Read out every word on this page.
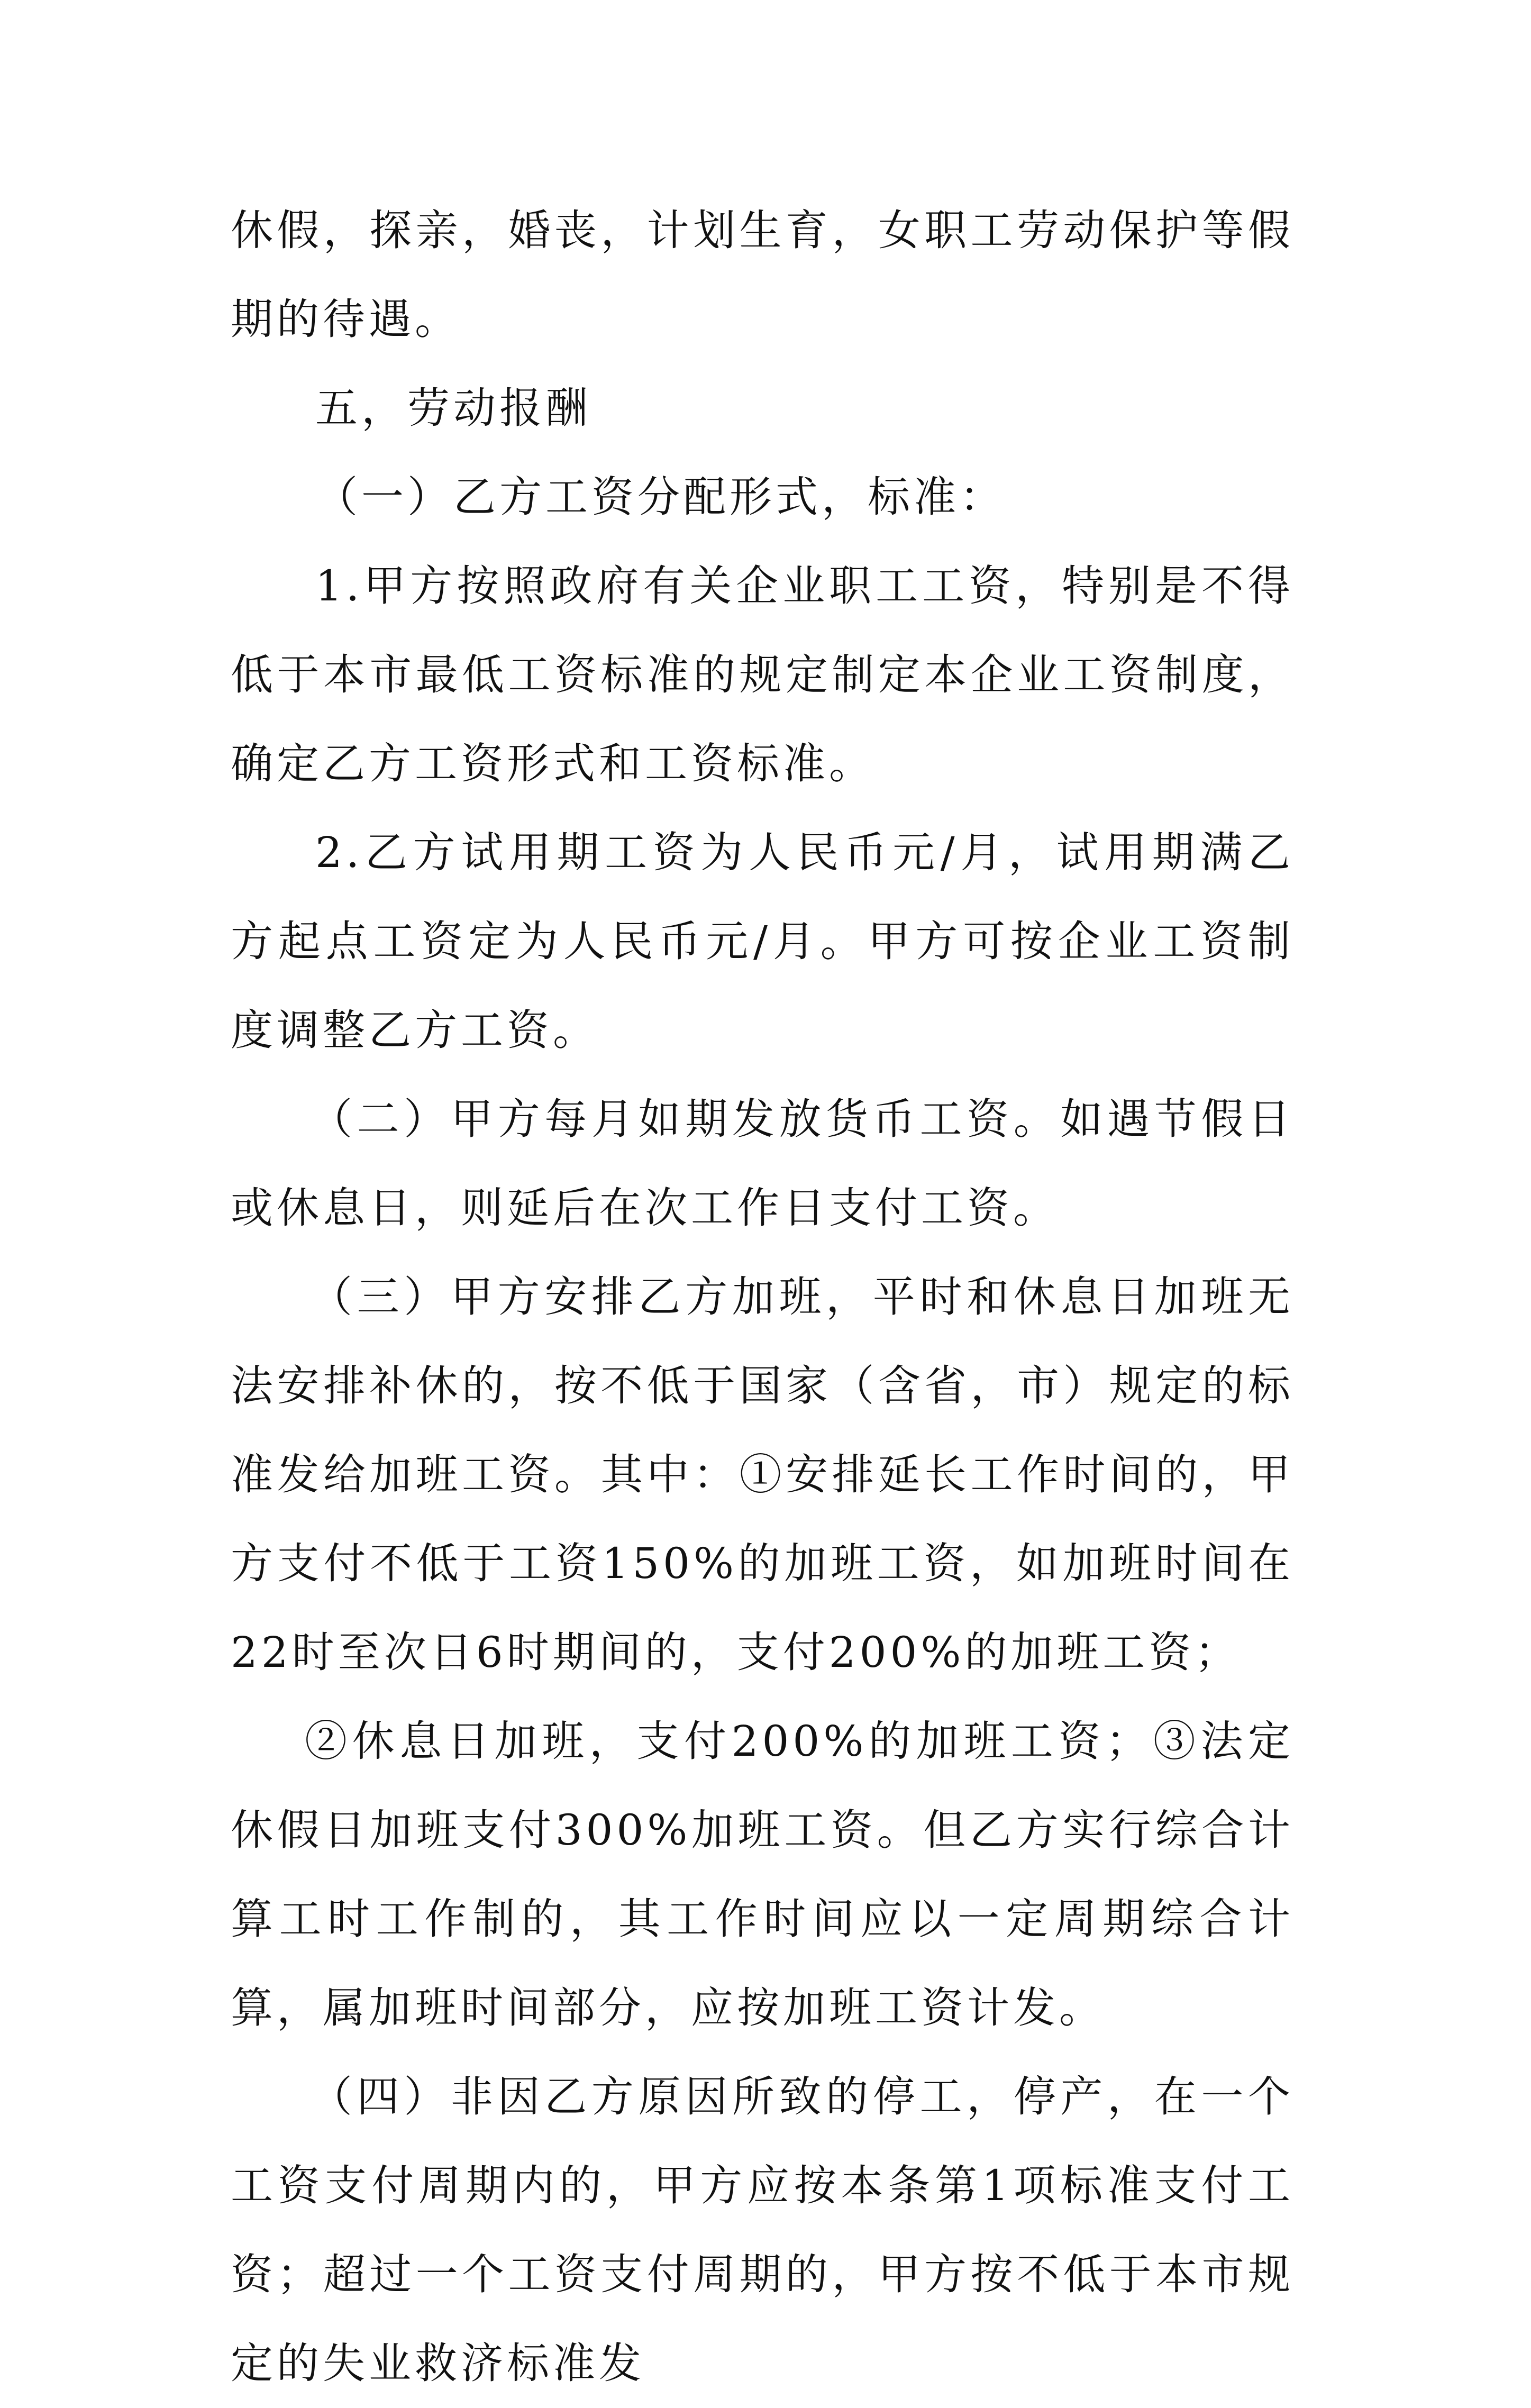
休假，探亲，婚丧，计划生育，女职工劳动保护等假期的待遇。

五，劳动报酬

（一）乙方工资分配形式，标准：

1.甲方按照政府有关企业职工工资，特别是不得低于本市最低工资标准的规定制定本企业工资制度，确定乙方工资形式和工资标准。

2.乙方试用期工资为人民币元/月，试用期满乙方起点工资定为人民币元/月。甲方可按企业工资制度调整乙方工资。

（二）甲方每月如期发放货币工资。如遇节假日或休息日，则延后在次工作日支付工资。

（三）甲方安排乙方加班，平时和休息日加班无法安排补休的，按不低于国家（含省，市）规定的标准发给加班工资。其中：①安排延长工作时间的，甲方支付不低于工资150%的加班工资，如加班时间在22时至次日6时期间的，支付200%的加班工资；

②休息日加班，支付200%的加班工资；③法定休假日加班支付300%加班工资。但乙方实行综合计算工时工作制的，其工作时间应以一定周期综合计算，属加班时间部分，应按加班工资计发。

（四）非因乙方原因所致的停工，停产，在一个工资支付周期内的，甲方应按本条第1项标准支付工资；超过一个工资支付周期的，甲方按不低于本市规定的失业救济标准发
